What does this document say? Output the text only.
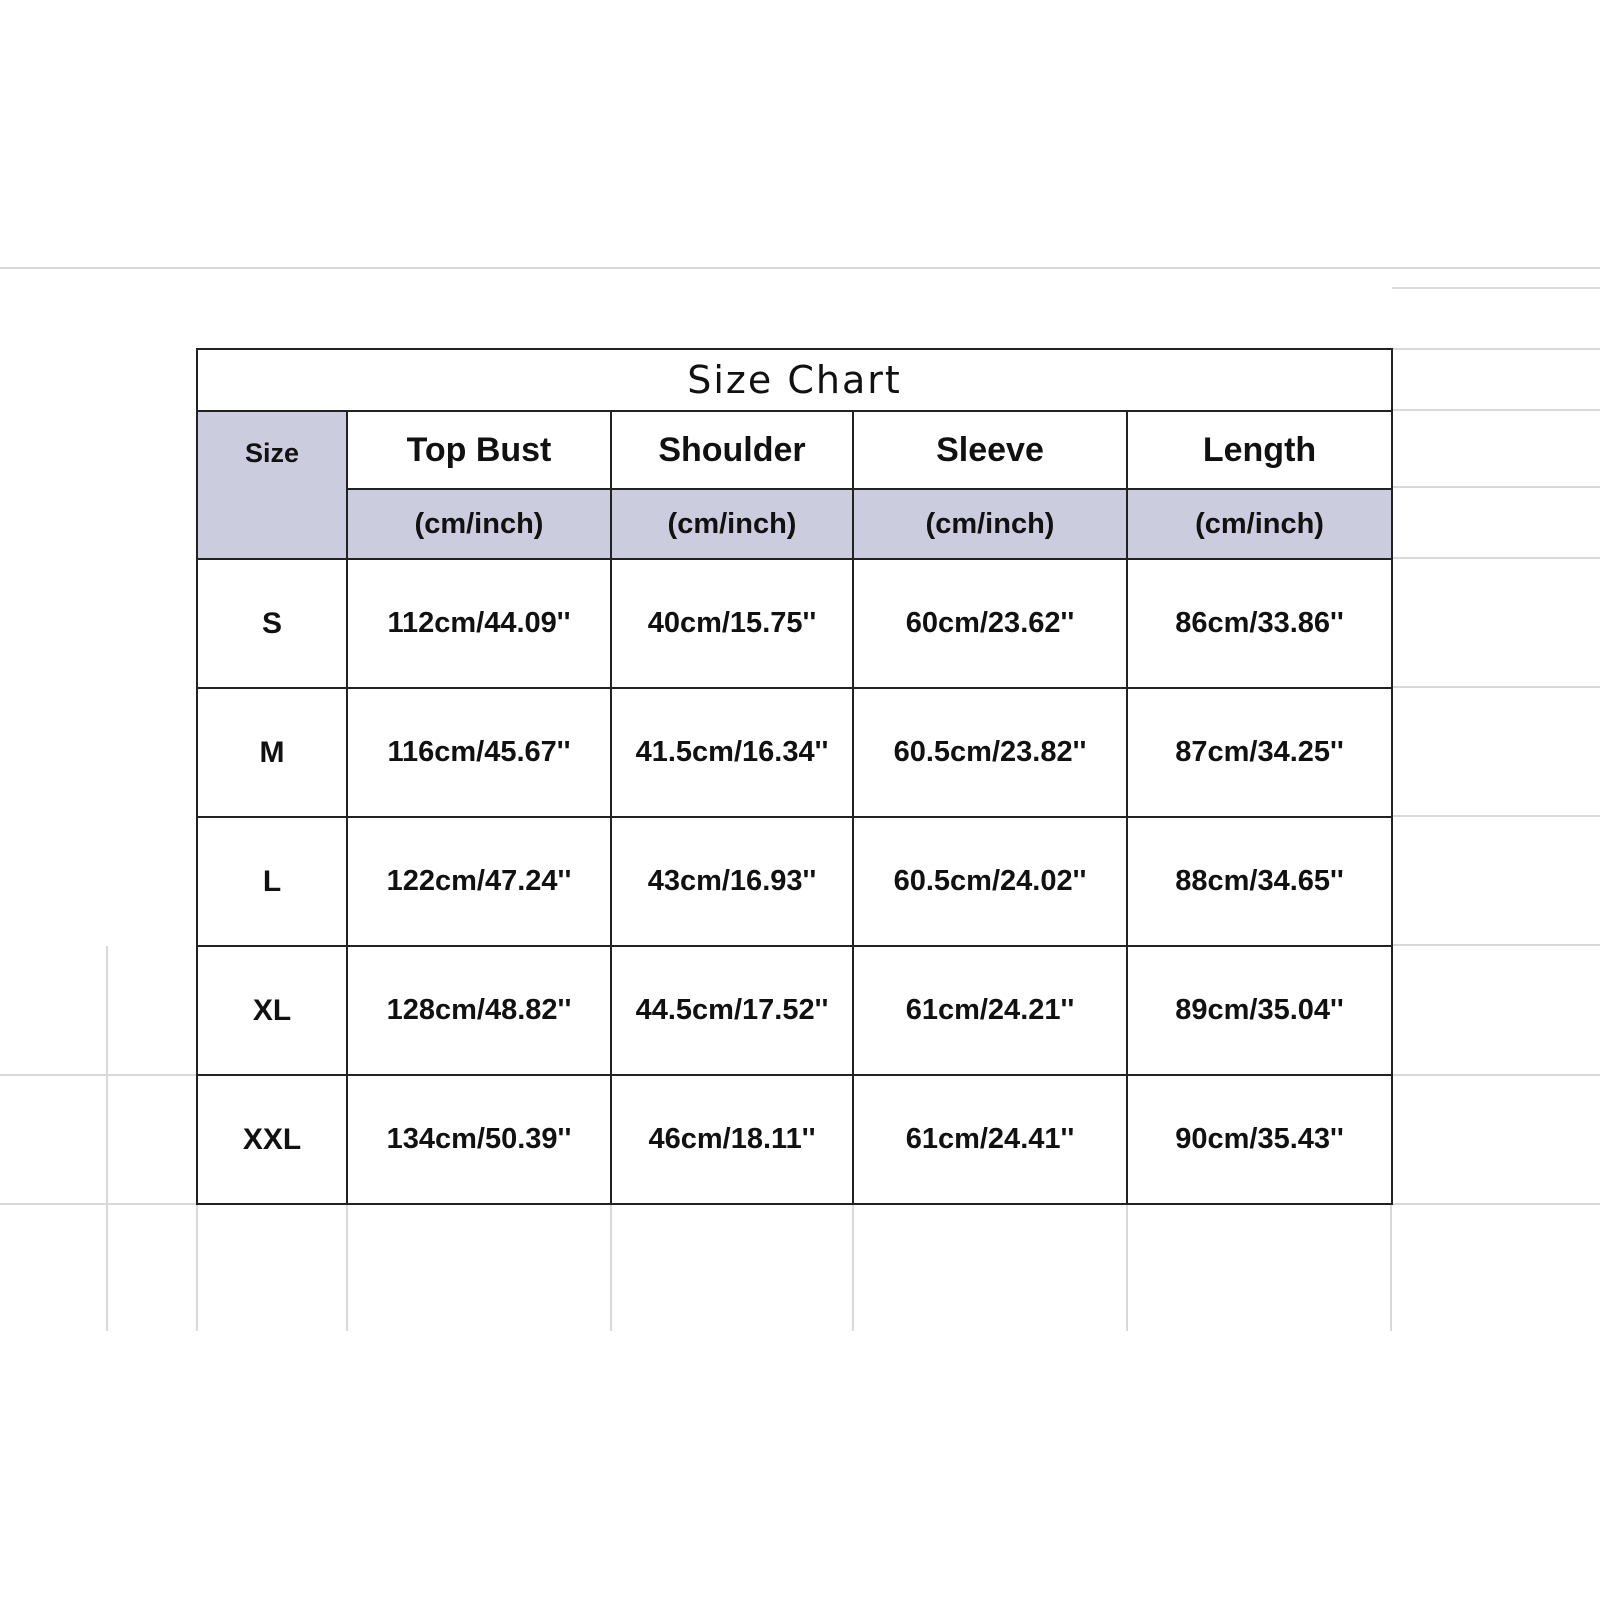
Size Chart				
Size	Top Bust	Shoulder	Sleeve	Length
	(cm/inch)	(cm/inch)	(cm/inch)	(cm/inch)
S	112cm/44.09''	40cm/15.75''	60cm/23.62''	86cm/33.86''
M	116cm/45.67''	41.5cm/16.34''	60.5cm/23.82''	87cm/34.25''
L	122cm/47.24''	43cm/16.93''	60.5cm/24.02''	88cm/34.65''
XL	128cm/48.82''	44.5cm/17.52''	61cm/24.21''	89cm/35.04''
XXL	134cm/50.39''	46cm/18.11''	61cm/24.41''	90cm/35.43''
